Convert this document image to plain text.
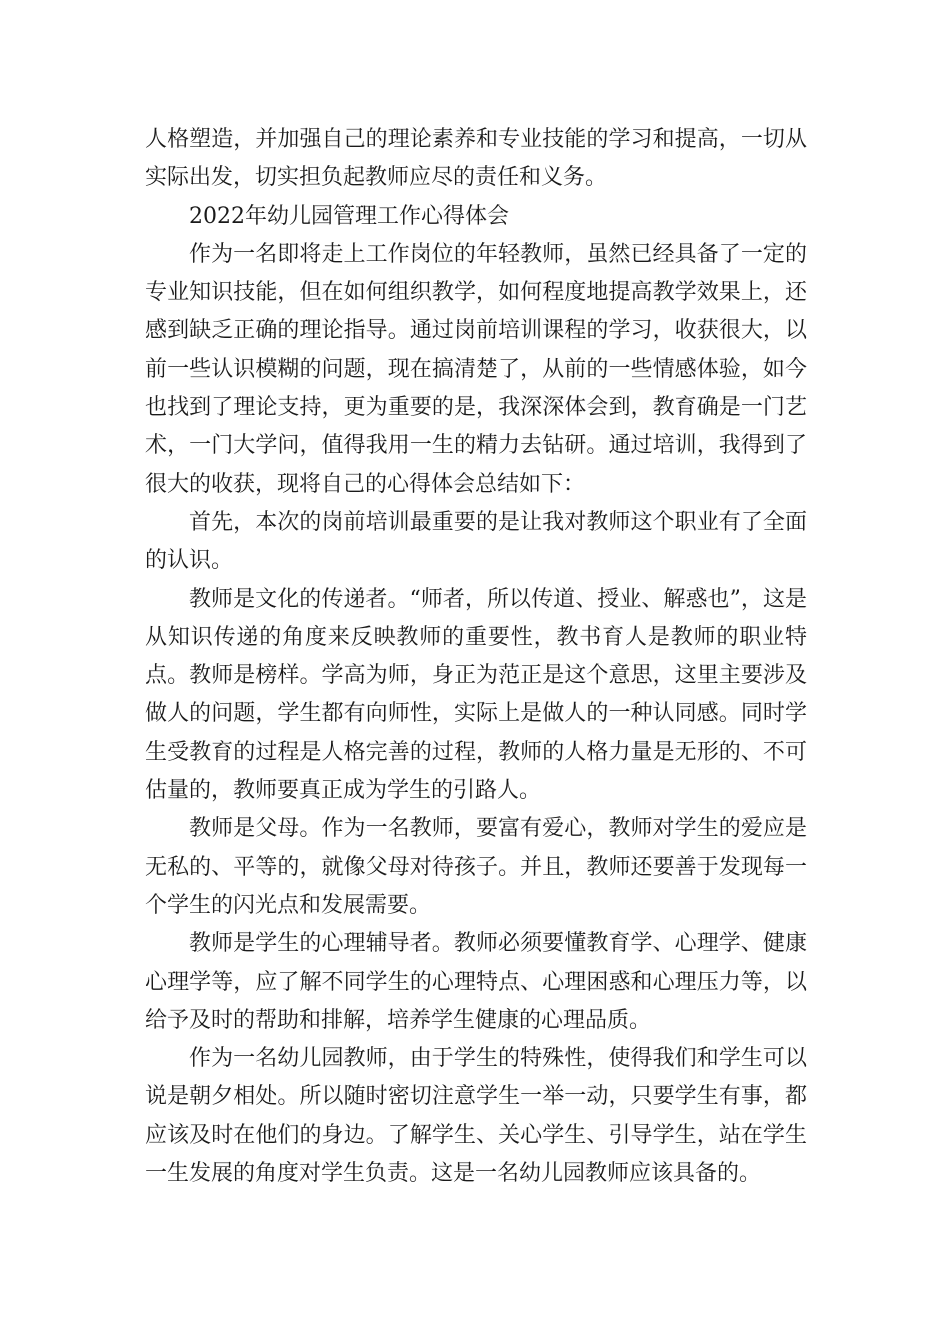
人格塑造，并加强自己的理论素养和专业技能的学习和提高，一切从实际出发，切实担负起教师应尽的责任和义务。

2022年幼儿园管理工作心得体会

作为一名即将走上工作岗位的年轻教师，虽然已经具备了一定的专业知识技能，但在如何组织教学，如何程度地提高教学效果上，还感到缺乏正确的理论指导。通过岗前培训课程的学习，收获很大，以前一些认识模糊的问题，现在搞清楚了，从前的一些情感体验，如今也找到了理论支持，更为重要的是，我深深体会到，教育确是一门艺术，一门大学问，值得我用一生的精力去钻研。通过培训，我得到了很大的收获，现将自己的心得体会总结如下：

首先，本次的岗前培训最重要的是让我对教师这个职业有了全面的认识。

教师是文化的传递者。“师者，所以传道、授业、解惑也”，这是从知识传递的角度来反映教师的重要性，教书育人是教师的职业特点。教师是榜样。学高为师，身正为范正是这个意思，这里主要涉及做人的问题，学生都有向师性，实际上是做人的一种认同感。同时学生受教育的过程是人格完善的过程，教师的人格力量是无形的、不可估量的，教师要真正成为学生的引路人。

教师是父母。作为一名教师，要富有爱心，教师对学生的爱应是无私的、平等的，就像父母对待孩子。并且，教师还要善于发现每一个学生的闪光点和发展需要。

教师是学生的心理辅导者。教师必须要懂教育学、心理学、健康心理学等，应了解不同学生的心理特点、心理困惑和心理压力等，以给予及时的帮助和排解，培养学生健康的心理品质。

作为一名幼儿园教师，由于学生的特殊性，使得我们和学生可以说是朝夕相处。所以随时密切注意学生一举一动，只要学生有事，都应该及时在他们的身边。了解学生、关心学生、引导学生，站在学生一生发展的角度对学生负责。这是一名幼儿园教师应该具备的。
